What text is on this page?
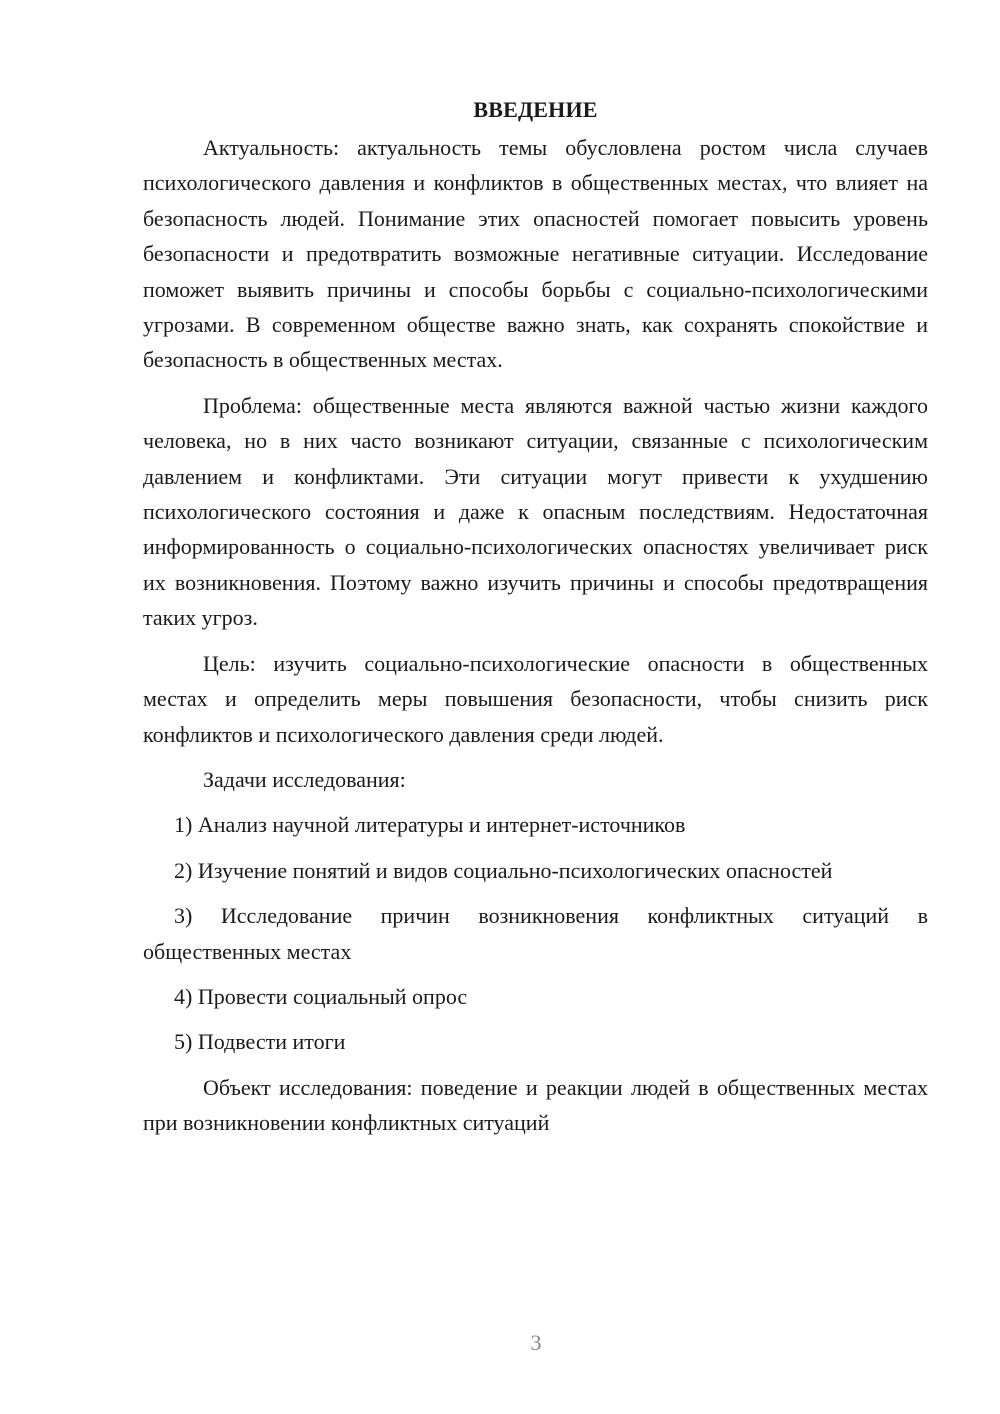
ВВЕДЕНИЕ

Актуальность: актуальность темы обусловлена ростом числа случаев психологического давления и конфликтов в общественных местах, что влияет на безопасность людей. Понимание этих опасностей помогает повысить уровень безопасности и предотвратить возможные негативные ситуации. Исследование поможет выявить причины и способы борьбы с социально-психологическими угрозами. В современном обществе важно знать, как сохранять спокойствие и безопасность в общественных местах.

Проблема: общественные места являются важной частью жизни каждого человека, но в них часто возникают ситуации, связанные с психологическим давлением и конфликтами. Эти ситуации могут привести к ухудшению психологического состояния и даже к опасным последствиям. Недостаточная информированность о социально-психологических опасностях увеличивает риск их возникновения. Поэтому важно изучить причины и способы предотвращения таких угроз.

Цель: изучить социально-психологические опасности в общественных местах и определить меры повышения безопасности, чтобы снизить риск конфликтов и психологического давления среди людей.

Задачи исследования:

1) Анализ научной литературы и интернет-источников

2) Изучение понятий и видов социально-психологических опасностей

3) Исследование причин возникновения конфликтных ситуаций в общественных местах

4) Провести социальный опрос

5) Подвести итоги

Объект исследования: поведение и реакции людей в общественных местах при возникновении конфликтных ситуаций

3
